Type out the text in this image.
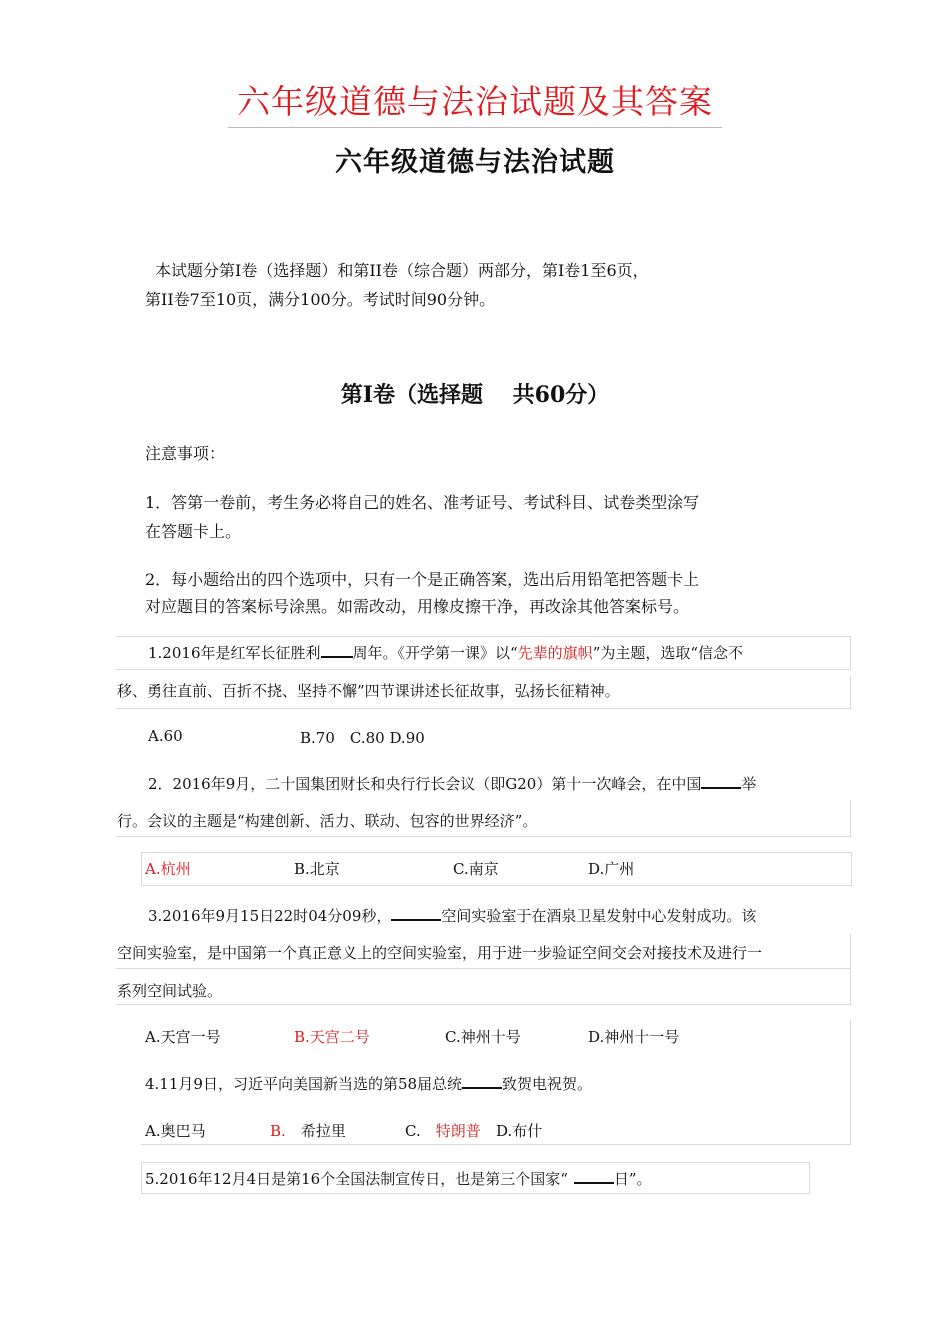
六年级道德与法治试题及其答案
六年级道德与法治试题
本试题分第Ⅰ卷（选择题）和第II卷（综合题）两部分，第Ⅰ卷1至6页，
第II卷7至10页，满分100分。考试时间90分钟。
第Ⅰ卷（选择题　 共60分）
注意事项：
1．答第一卷前，考生务必将自己的姓名、准考证号、考试科目、试卷类型涂写
在答题卡上。
2．每小题给出的四个选项中，只有一个是正确答案，选出后用铅笔把答题卡上
对应题目的答案标号涂黑。如需改动，用橡皮擦干净，再改涂其他答案标号。
1.2016年是红军长征胜利 周年。《开学第一课》以“先辈的旗帜”为主题，选取“信念不
移、勇往直前、百折不挠、坚持不懈”四节课讲述长征故事，弘扬长征精神。
A.60	B.70　C.80 D.90
2．2016年9月，二十国集团财长和央行行长会议（即G20）第十一次峰会，在中国	举
行。会议的主题是“构建创新、活力、联动、包容的世界经济”。
A.杭州	B.北京	C.南京	D.广州
3.2016年9月15日22时04分09秒，	空间实验室于在酒泉卫星发射中心发射成功。该
空间实验室，是中国第一个真正意义上的空间实验室，用于进一步验证空间交会对接技术及进行一
系列空间试验。
A.天宫一号	B.天宫二号	C.神州十号	D.神州十一号
4.11月9日，习近平向美国新当选的第58届总统	致贺电祝贺。
A.奥巴马	B.　 希拉里	C.　 特朗普 D.布什
5.2016年12月4日是第16个全国法制宣传日，也是第三个国家“	日”。
